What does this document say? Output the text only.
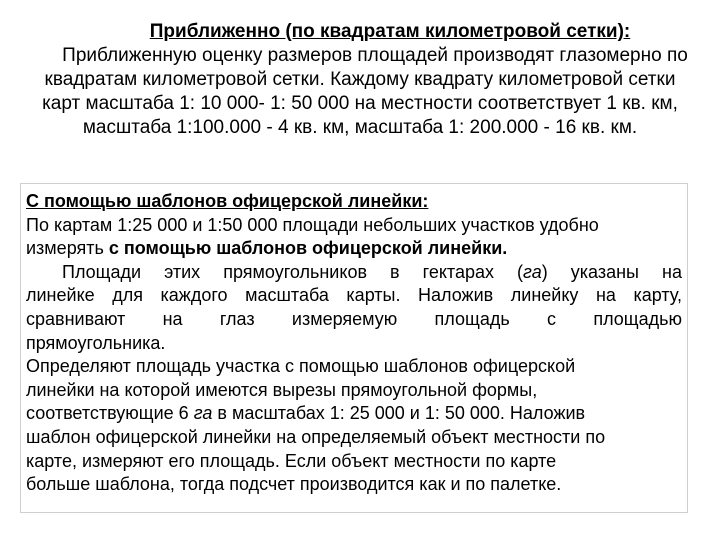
Приближенно (по квадратам километровой сетки):
Приближенную оценку размеров площадей производят глазомерно по
квадратам километровой сетки. Каждому квадрату километровой сетки
карт масштаба 1: 10 000- 1: 50 000 на местности соответствует 1 кв. км,
масштаба 1:100.000 - 4 кв. км, масштаба 1: 200.000 - 16 кв. км.
С помощью шаблонов офицерской линейки:
По картам 1:25 000 и 1:50 000 площади небольших участков удобно
измерять с помощью шаблонов офицерской линейки.
Площади этих прямоугольников в гектарах (га) указаны на
линейке для каждого масштаба карты. Наложив линейку на карту,
сравнивают на глаз измеряемую площадь с площадью
прямоугольника.
Определяют площадь участка с помощью шаблонов офицерской
линейки на которой имеются вырезы прямоугольной формы,
соответствующие 6 га в масштабах 1: 25 000 и 1: 50 000. Наложив
шаблон офицерской линейки на определяемый объект местности по
карте, измеряют его площадь. Если объект местности по карте
больше шаблона, тогда подсчет производится как и по палетке.
